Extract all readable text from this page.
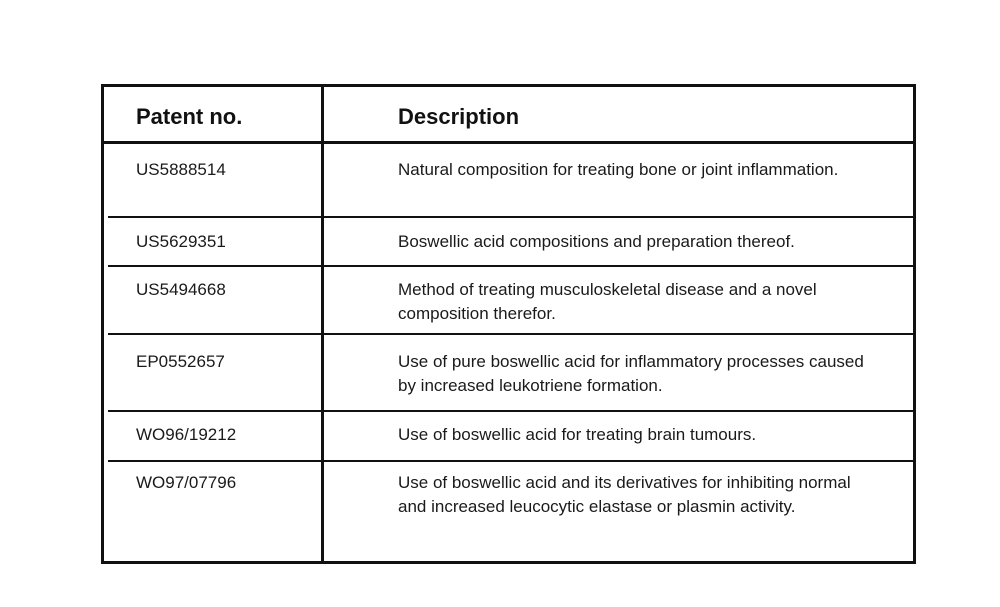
Patent no.	Description
US5888514	Natural composition for treating bone or joint inflammation.
US5629351	Boswellic acid compositions and preparation thereof.
US5494668	Method of treating musculoskeletal disease and a novel composition therefor.
EP0552657	Use of pure boswellic acid for inflammatory processes caused by increased leukotriene formation.
WO96/19212	Use of boswellic acid for treating brain tumours.
WO97/07796	Use of boswellic acid and its derivatives for inhibiting normal and increased leucocytic elastase or plasmin activity.
